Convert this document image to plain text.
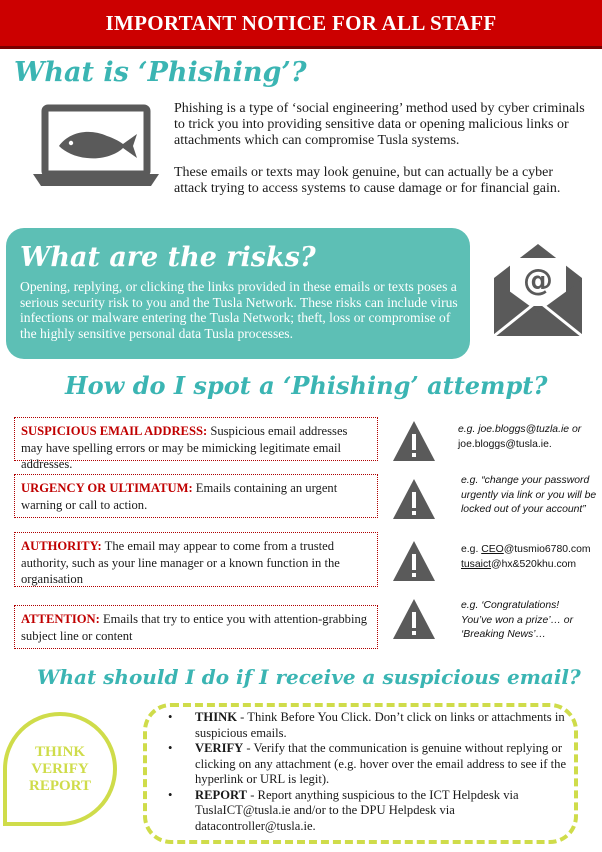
IMPORTANT NOTICE FOR ALL STAFF
What is ‘Phishing’?

Phishing is a type of ‘social engineering’ method used by cyber criminals to trick you into providing sensitive data or opening malicious links or attachments which can compromise Tusla systems.

These emails or texts may look genuine, but can actually be a cyber attack trying to access systems to cause damage or for financial gain.

What are the risks?

Opening, replying, or clicking the links provided in these emails or texts poses a serious security risk to you and the Tusla Network. These risks can include virus infections or malware entering the Tusla Network; theft, loss or compromise of the highly sensitive personal data Tusla processes.

@
How do I spot a ‘Phishing’ attempt?
SUSPICIOUS EMAIL ADDRESS: Suspicious email addresses may have spelling errors or may be mimicking legitimate email addresses.
e.g. joe.bloggs@tuzla.ie or
joe.bloggs@tusla.ie.
URGENCY OR ULTIMATUM: Emails containing an urgent warning or call to action.
e.g. “change your password
urgently via link or you will be
locked out of your account”
AUTHORITY: The email may appear to come from a trusted authority, such as your line manager or a known function in the organisation
e.g. CEO@tusmio6780.com
tusaict@hx&520khu.com
ATTENTION: Emails that try to entice you with attention-grabbing subject line or content
e.g. ‘Congratulations!
You’ve won a prize’… or
‘Breaking News’…
What should I do if I receive a suspicious email?
THINK
VERIFY
REPORT
• THINK - Think Before You Click. Don’t click on links or attachments in suspicious emails.
• VERIFY - Verify that the communication is genuine without replying or clicking on any attachment (e.g. hover over the email address to see if the hyperlink or URL is legit).
• REPORT - Report anything suspicious to the ICT Helpdesk via TuslaICT@tusla.ie and/or to the DPU Helpdesk via datacontroller@tusla.ie.
